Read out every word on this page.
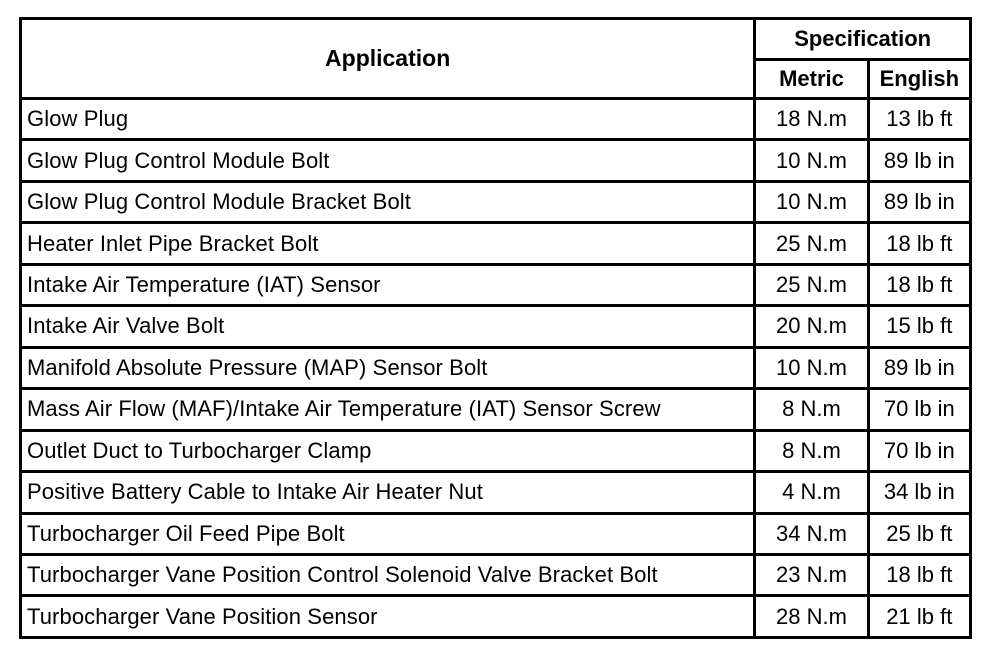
Application	Specification	
	Metric	English
Glow Plug	18 N.m	13 lb ft
Glow Plug Control Module Bolt	10 N.m	89 lb in
Glow Plug Control Module Bracket Bolt	10 N.m	89 lb in
Heater Inlet Pipe Bracket Bolt	25 N.m	18 lb ft
Intake Air Temperature (IAT) Sensor	25 N.m	18 lb ft
Intake Air Valve Bolt	20 N.m	15 lb ft
Manifold Absolute Pressure (MAP) Sensor Bolt	10 N.m	89 lb in
Mass Air Flow (MAF)/Intake Air Temperature (IAT) Sensor Screw	8 N.m	70 lb in
Outlet Duct to Turbocharger Clamp	8 N.m	70 lb in
Positive Battery Cable to Intake Air Heater Nut	4 N.m	34 lb in
Turbocharger Oil Feed Pipe Bolt	34 N.m	25 lb ft
Turbocharger Vane Position Control Solenoid Valve Bracket Bolt	23 N.m	18 lb ft
Turbocharger Vane Position Sensor	28 N.m	21 lb ft
